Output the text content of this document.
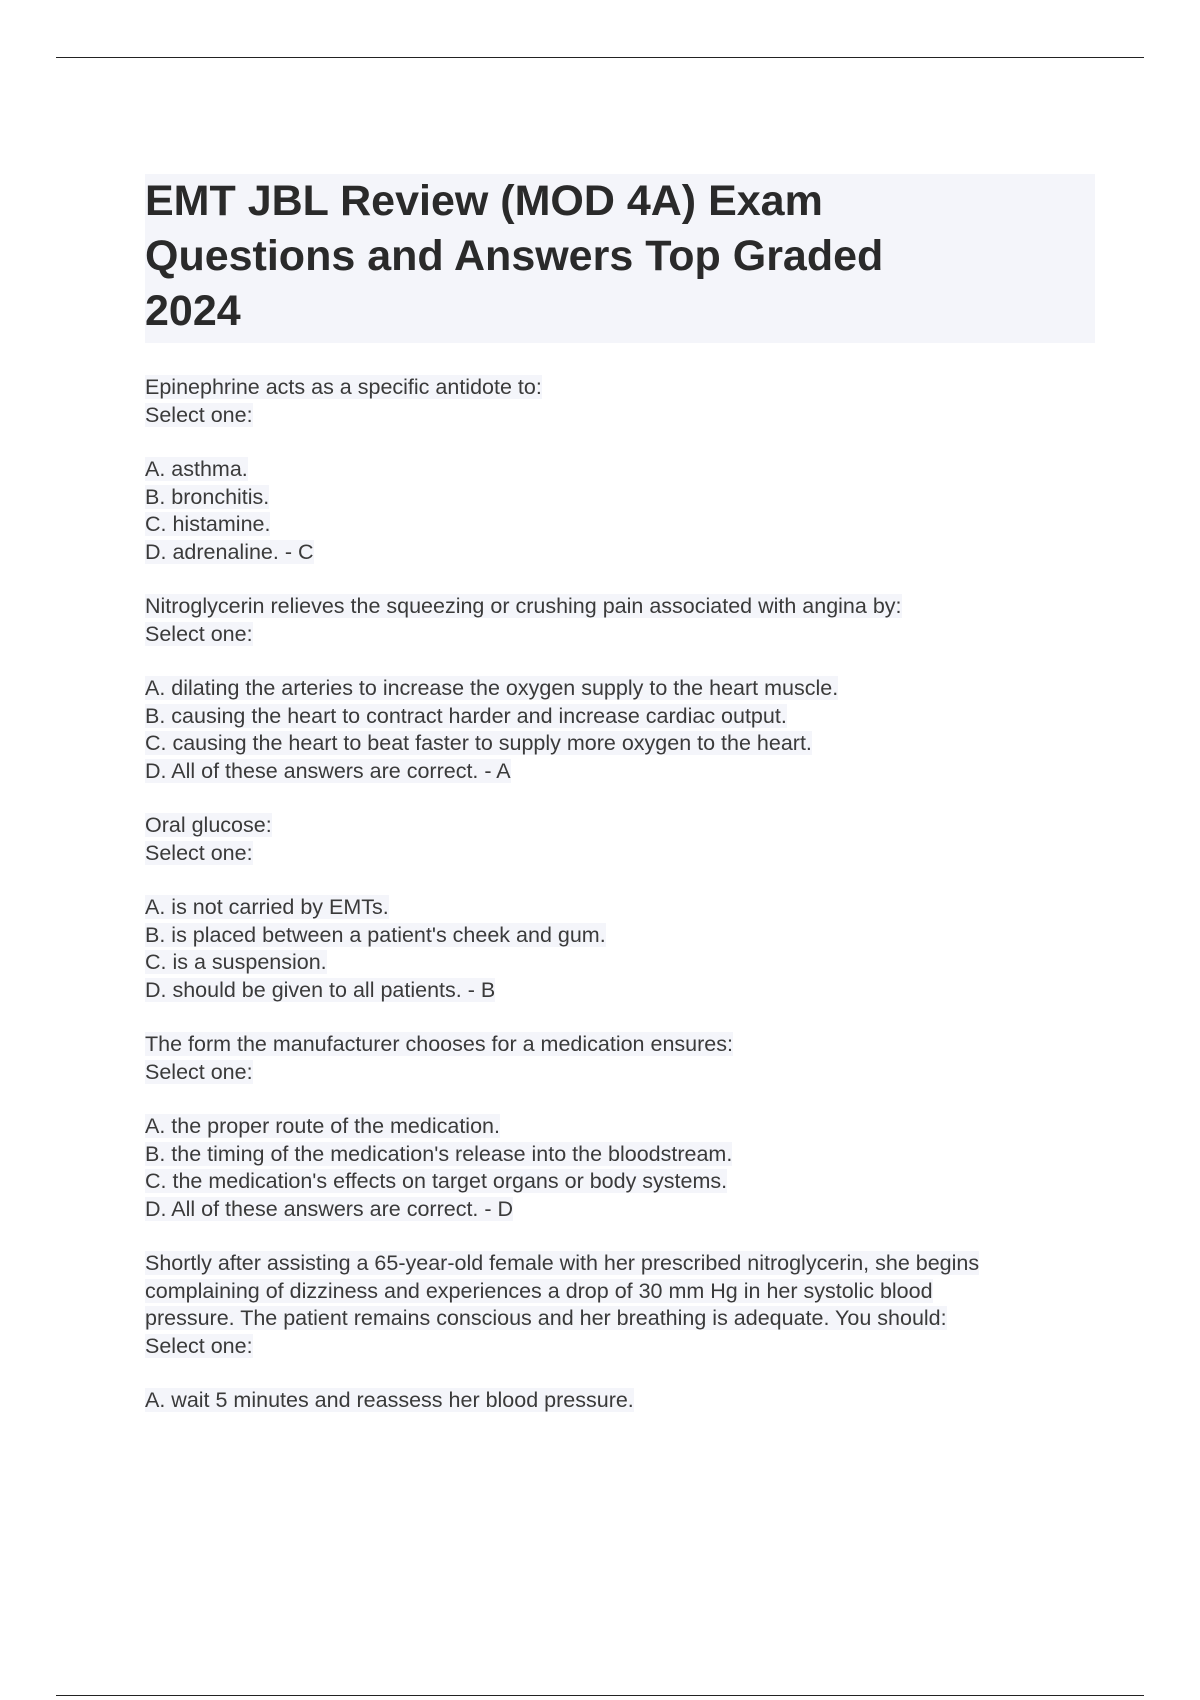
EMT JBL Review (MOD 4A) Exam
Questions and Answers Top Graded
2024
Epinephrine acts as a specific antidote to:
Select one:
A. asthma.
B. bronchitis.
C. histamine.
D. adrenaline. - C
Nitroglycerin relieves the squeezing or crushing pain associated with angina by:
Select one:
A. dilating the arteries to increase the oxygen supply to the heart muscle.
B. causing the heart to contract harder and increase cardiac output.
C. causing the heart to beat faster to supply more oxygen to the heart.
D. All of these answers are correct. - A
Oral glucose:
Select one:
A. is not carried by EMTs.
B. is placed between a patient's cheek and gum.
C. is a suspension.
D. should be given to all patients. - B
The form the manufacturer chooses for a medication ensures:
Select one:
A. the proper route of the medication.
B. the timing of the medication's release into the bloodstream.
C. the medication's effects on target organs or body systems.
D. All of these answers are correct. - D
Shortly after assisting a 65-year-old female with her prescribed nitroglycerin, she begins
complaining of dizziness and experiences a drop of 30 mm Hg in her systolic blood
pressure. The patient remains conscious and her breathing is adequate. You should:
Select one:
A. wait 5 minutes and reassess her blood pressure.
